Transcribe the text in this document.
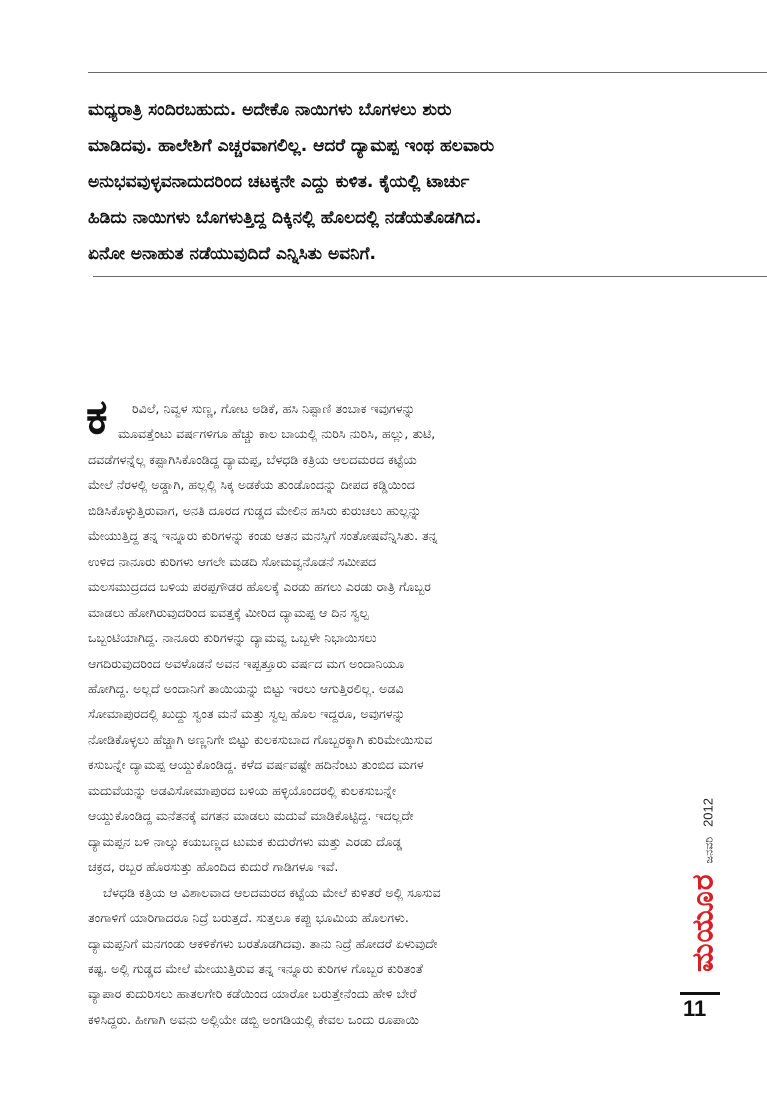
ಮಧ್ಯರಾತ್ರಿ ಸಂದಿರಬಹುದು. ಅದೇಕೊ ನಾಯಿಗಳು ಬೊಗಳಲು ಶುರು
ಮಾಡಿದವು. ಹಾಲೇಶಿಗೆ ಎಚ್ಚರವಾಗಲಿಲ್ಲ. ಆದರೆ ದ್ಯಾಮಪ್ಪ ಇಂಥ ಹಲವಾರು
ಅನುಭವವುಳ್ಳವನಾದುದರಿಂದ ಚಟಕ್ಕನೇ ಎದ್ದು ಕುಳಿತ. ಕೈಯಲ್ಲಿ ಟಾರ್ಚು
ಹಿಡಿದು ನಾಯಿಗಳು ಬೊಗಳುತ್ತಿದ್ದ ದಿಕ್ಕಿನಲ್ಲಿ ಹೊಲದಲ್ಲಿ ನಡೆಯತೊಡಗಿದ.
ಏನೋ ಅನಾಹುತ ನಡೆಯುವುದಿದೆ ಎನ್ನಿಸಿತು ಅವನಿಗೆ.
ಕ	ರಿವಿಲೆ, ನಿವ್ವಳ ಸುಣ್ಣ, ಗೋಟ ಅಡಿಕೆ, ಹಸಿ ನಿಪ್ಪಾಣಿ ತಂಬಾಕ ಇವುಗಳನ್ನು
ಮೂವತ್ತೆಂಟು ವರ್ಷಗಳಿಗೂ ಹೆಚ್ಚು ಕಾಲ ಬಾಯಲ್ಲಿ ನುರಿಸಿ ನುರಿಸಿ, ಹಲ್ಲು, ತುಟಿ,
ದವಡೆಗಳನ್ನೆಲ್ಲ ಕಪ್ಪಾಗಿಸಿಕೊಂಡಿದ್ದ ದ್ಯಾಮಪ್ಪ, ಬೆಳಧಡಿ ಕತ್ರಿಯ ಆಲದಮರದ ಕಟ್ಟೆಯ
ಮೇಲೆ ನೆರಳಲ್ಲಿ ಅಡ್ಡಾಗಿ, ಹಲ್ಲಲ್ಲಿ ಸಿಕ್ಕ ಅಡಕೆಯ ತುಂಡೊಂದನ್ನು ದೀಪದ ಕಡ್ಡಿಯಿಂದ
ಬಿಡಿಸಿಕೊಳ್ಳುತ್ತಿರುವಾಗ, ಅನತಿ ದೂರದ ಗುಡ್ಡದ ಮೇಲಿನ ಹಸಿರು ಕುರುಚಲು ಹುಲ್ಲನ್ನು
ಮೇಯುತ್ತಿದ್ದ ತನ್ನ ಇನ್ನೂರು ಕುರಿಗಳನ್ನು ಕಂಡು ಆತನ ಮನಸ್ಸಿಗೆ ಸಂತೋಷವೆನ್ನಿಸಿತು. ತನ್ನ
ಉಳಿದ ನಾನೂರು ಕುರಿಗಳು ಆಗಲೇ ಮಡದಿ ಸೋಮವ್ವನೊಡನೆ ಸಮೀಪದ
ಮಲಸಮುದ್ರದದ ಬಳಿಯ ಪರಪ್ಪಗೌಡರ ಹೊಲಕ್ಕೆ ಎರಡು ಹಗಲು ಎರಡು ರಾತ್ರಿ ಗೊಬ್ಬರ
ಮಾಡಲು ಹೋಗಿರುವುದರಿಂದ ಐವತ್ತಕ್ಕೆ ಮೀರಿದ ದ್ಯಾಮಪ್ಪ ಆ ದಿನ ಸ್ವಲ್ಪ
ಒಬ್ಬಂಟಿಯಾಗಿದ್ದ. ನಾನೂರು ಕುರಿಗಳನ್ನು ದ್ಯಾಮವ್ವ ಒಬ್ಬಳೇ ನಿಭಾಯಿಸಲು
ಆಗದಿರುವುದರಿಂದ ಅವಳೊಡನೆ ಅವನ ಇಪ್ಪತ್ತೂರು ವರ್ಷದ ಮಗ ಅಂದಾನಿಯೂ
ಹೋಗಿದ್ದ. ಅಲ್ಲದೆ ಅಂದಾನಿಗೆ ತಾಯಿಯನ್ನು ಬಿಟ್ಟು ಇರಲು ಆಗುತ್ತಿರಲಿಲ್ಲ. ಅಡವಿ
ಸೋಮಾಪುರದಲ್ಲಿ ಖುದ್ದು ಸ್ವಂತ ಮನೆ ಮತ್ತು ಸ್ವಲ್ಪ ಹೊಲ ಇದ್ದರೂ, ಅವುಗಳನ್ನು
ನೋಡಿಕೊಳ್ಳಲು ಹೆಚ್ಚಾಗಿ ಅಣ್ಣನಿಗೇ ಬಿಟ್ಟು ಕುಲಕಸುಬಾದ ಗೊಬ್ಬರಕ್ಕಾಗಿ ಕುರಿಮೇಯಿಸುವ
ಕಸುಬನ್ನೇ ದ್ಯಾಮಪ್ಪ ಆಯ್ದುಕೊಂಡಿದ್ದ. ಕಳೆದ ವರ್ಷವಷ್ಟೇ ಹದಿನೆಂಟು ತುಂಬಿದ ಮಗಳ
ಮದುವೆಯನ್ನು ಅಡವಿಸೋಮಾಪುರದ ಬಳಿಯ ಹಳ್ಳಿಯೊಂದರಲ್ಲಿ ಕುಲಕಸುಬನ್ನೇ
ಆಯ್ದುಕೊಂಡಿದ್ದ ಮನೆತನಕ್ಕೆ ವಗತನ ಮಾಡಲು ಮದುವೆ ಮಾಡಿಕೊಟ್ಟಿದ್ದ. ಇದಲ್ಲದೇ
ದ್ಯಾಮಪ್ಪನ ಬಳಿ ನಾಲ್ಕು ಕಯಬಣ್ಣದ ಟುಮಕ ಕುದುರೆಗಳು ಮತ್ತು ಎರಡು ದೊಡ್ಡ
ಚಕ್ರದ, ರಬ್ಬರ ಹೊರಸುತ್ತು ಹೊಂದಿದ ಕುದುರೆ ಗಾಡಿಗಳೂ ಇವೆ.
ಬೆಳಧಡಿ ಕತ್ರಿಯ ಆ ವಿಶಾಲವಾದ ಆಲದಮರದ ಕಟ್ಟೆಯ ಮೇಲೆ ಕುಳಿತರೆ ಅಲ್ಲಿ ಸೂಸುವ
ತಂಗಾಳಿಗೆ ಯಾರಿಗಾದರೂ ನಿದ್ರೆ ಬರುತ್ತದೆ. ಸುತ್ತಲೂ ಕಪ್ಪು ಭೂಮಿಯ ಹೊಲಗಳು.
ದ್ಯಾಮಪ್ಪನಿಗೆ ಮನಗಂಡು ಆಕಳಿಕೆಗಳು ಬರತೊಡಗಿದವು. ತಾನು ನಿದ್ರೆ ಹೋದರೆ ಏಳುವುದೇ
ಕಷ್ಟ. ಅಲ್ಲಿ ಗುಡ್ಡದ ಮೇಲೆ ಮೇಯುತ್ತಿರುವ ತನ್ನ ಇನ್ನೂರು ಕುರಿಗಳ ಗೊಬ್ಬರ ಕುರಿತಂತೆ
ವ್ಯಾಪಾರ ಕುದುರಿಸಲು ಹಾತಲಗೇರಿ ಕಡೆಯಿಂದ ಯಾರೋ ಬರುತ್ತೇನೆಂದು ಹೇಳಿ ಬೇರೆ
ಕಳಿಸಿದ್ದರು. ಹೀಗಾಗಿ ಅವನು ಅಲ್ಲಿಯೇ ಡಬ್ಬಿ ಅಂಗಡಿಯಲ್ಲಿ ಕೇವಲ ಒಂದು ರೂಪಾಯಿ
ಮಯೂರ
ಜನವರಿ
2012
11
